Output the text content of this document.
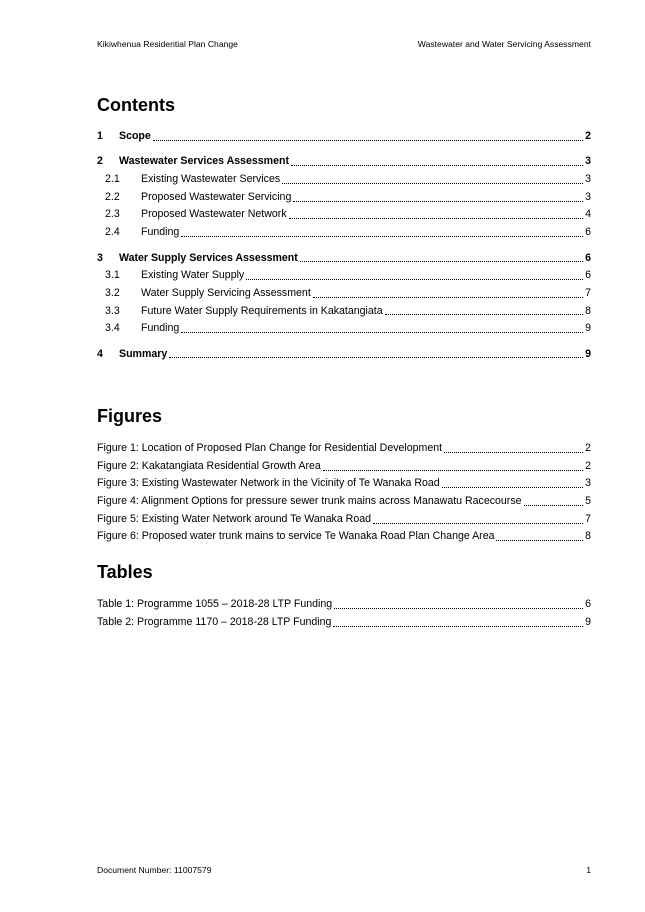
Kikiwhenua Residential Plan Change	Wastewater and Water Servicing Assessment
Contents
1	Scope	2
2	Wastewater Services Assessment	3
2.1	Existing Wastewater Services	3
2.2	Proposed Wastewater Servicing	3
2.3	Proposed Wastewater Network	4
2.4	Funding	6
3	Water Supply Services Assessment	6
3.1	Existing Water Supply	6
3.2	Water Supply Servicing Assessment	7
3.3	Future Water Supply Requirements in Kakatangiata	8
3.4	Funding	9
4	Summary	9
Figures
Figure 1: Location of Proposed Plan Change for Residential Development	2
Figure 2: Kakatangiata Residential Growth Area	2
Figure 3: Existing Wastewater Network in the Vicinity of Te Wanaka Road	3
Figure 4: Alignment Options for pressure sewer trunk mains across Manawatu Racecourse	5
Figure 5: Existing Water Network around Te Wanaka Road	7
Figure 6: Proposed water trunk mains to service Te Wanaka Road Plan Change Area	8
Tables
Table 1: Programme 1055 – 2018-28 LTP Funding	6
Table 2: Programme 1170 – 2018-28 LTP Funding	9
Document Number: 11007579	1
